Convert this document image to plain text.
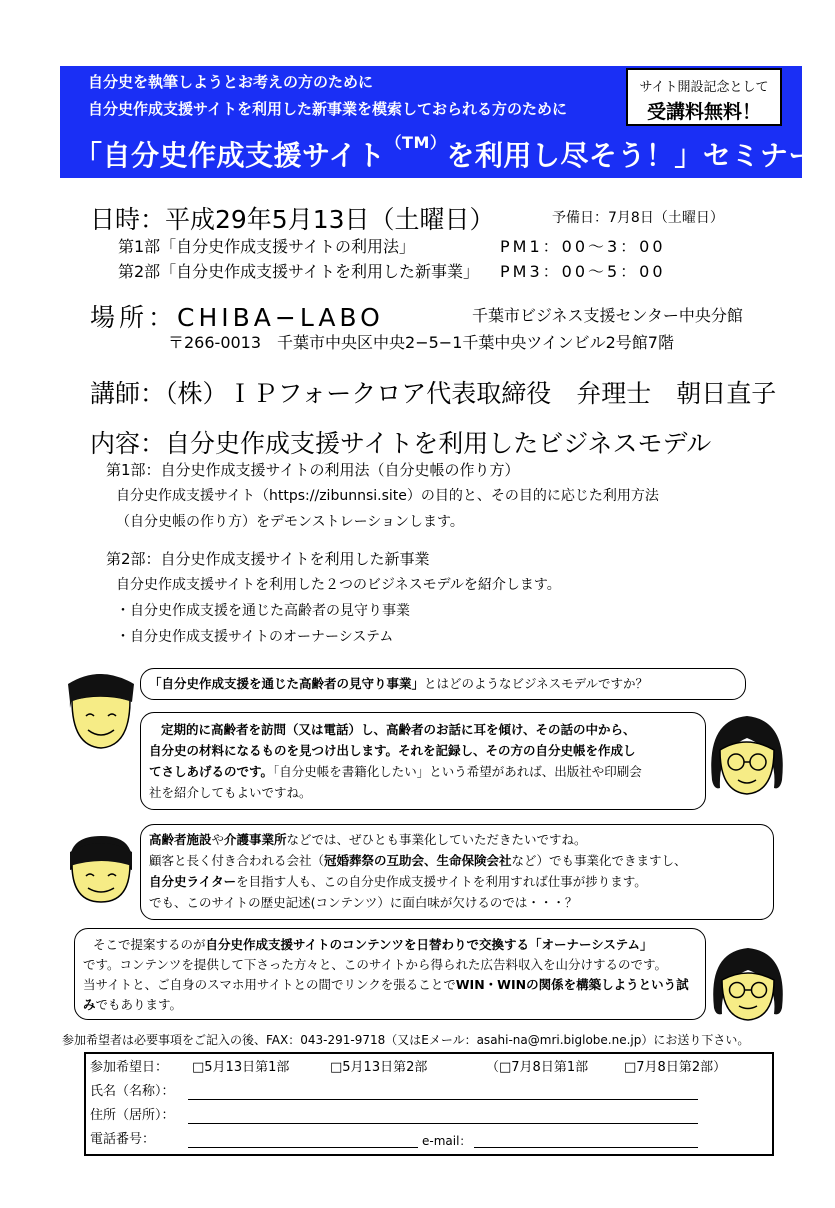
自分史を執筆しようとお考えの方のために
自分史作成支援サイトを利用した新事業を模索しておられる方のために
「自分史作成支援サイト$^{(TM)}$を利用し尽そう！」セミナー
サイト開設記念として
受講料無料！
日時：平成29年5月13日（土曜日）	予備日：7月8日（土曜日）
第1部「自分史作成支援サイトの利用法」	PM1：00～3：00
第2部「自分史作成支援サイトを利用した新事業」 PM3：00～5：00
場所：CHIBA−LABO	千葉市ビジネス支援センター中央分館
〒266-0013　千葉市中央区中央2−5−1千葉中央ツインビル2号館7階
講師：（株）ＩＰフォークロア代表取締役　弁理士　朝日直子
内容：自分史作成支援サイトを利用したビジネスモデル
第1部：自分史作成支援サイトの利用法（自分史帳の作り方）
自分史作成支援サイト（https://zibunnsi.site）の目的と、その目的に応じた利用方法
（自分史帳の作り方）をデモンストレーションします。
第2部：自分史作成支援サイトを利用した新事業
自分史作成支援サイトを利用した２つのビジネスモデルを紹介します。
・自分史作成支援を通じた高齢者の見守り事業
・自分史作成支援サイトのオーナーシステム
「自分史作成支援を通じた高齢者の見守り事業」とはどのようなビジネスモデルですか？
定期的に高齢者を訪問（又は電話）し、高齢者のお話に耳を傾け、その話の中から、
自分史の材料になるものを見つけ出します。それを記録し、その方の自分史帳を作成し
てさしあげるのです。「自分史帳を書籍化したい」という希望があれば、出版社や印刷会
社を紹介してもよいですね。
高齢者施設や介護事業所などでは、ぜひとも事業化していただきたいですね。
顧客と長く付き合われる会社（冠婚葬祭の互助会、生命保険会社など）でも事業化できますし、
自分史ライターを目指す人も、この自分史作成支援サイトを利用すれば仕事が捗ります。
でも、このサイトの歴史記述(コンテンツ）に面白味が欠けるのでは・・・？
そこで提案するのが自分史作成支援サイトのコンテンツを日替わりで交換する「オーナーシステム」
です。コンテンツを提供して下さった方々と、このサイトから得られた広告料収入を山分けするのです。
当サイトと、ご自身のスマホ用サイトとの間でリンクを張ることでWIN・WINの関係を構築しようという試
みでもあります。
参加希望者は必要事項をご記入の後、FAX：043-291-9718（又はEメール：asahi-na@mri.biglobe.ne.jp）にお送り下さい。
参加希望日： □5月13日第1部	□5月13日第2部	（□7月8日第1部	□7月8日第2部）
氏名（名称）：
住所（居所）：
電話番号：	e-mail：
